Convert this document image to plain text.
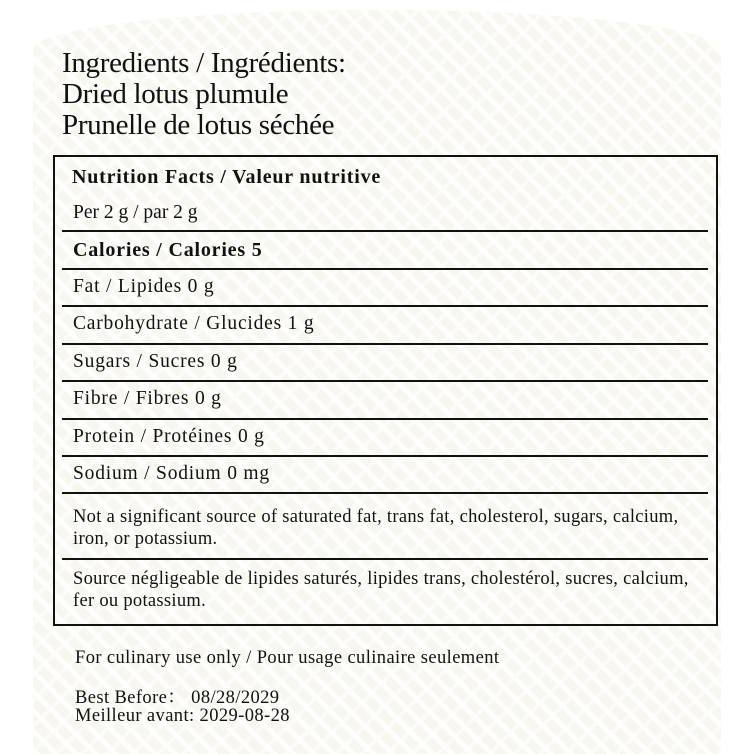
Ingredients / Ingrédients:
Dried lotus plumule
Prunelle de lotus séchée
Nutrition Facts / Valeur nutritive
Per 2 g / par 2 g
Calories / Calories 5
Fat / Lipides 0 g
Carbohydrate / Glucides 1 g
Sugars / Sucres 0 g
Fibre / Fibres 0 g
Protein / Protéines 0 g
Sodium / Sodium 0 mg
Not a significant source of saturated fat, trans fat, cholesterol, sugars, calcium, iron, or potassium.
Source négligeable de lipides saturés, lipides trans, cholestérol, sucres, calcium, fer ou potassium.
For culinary use only / Pour usage culinaire seulement
Best Before： 08/28/2029
Meilleur avant: 2029-08-28
